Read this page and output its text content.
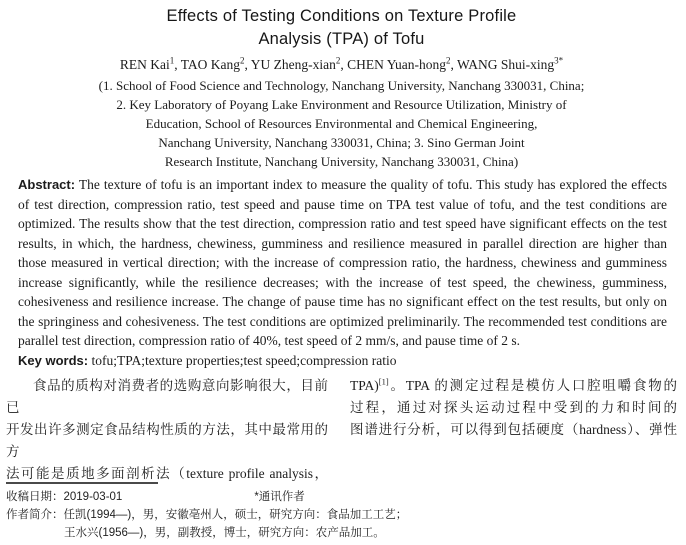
Effects of Testing Conditions on Texture Profile
Analysis (TPA) of Tofu
REN Kai$^1$, TAO Kang$^2$, YU Zheng-xian$^2$, CHEN Yuan-hong$^2$, WANG Shui-xing$^{3*}$
(1. School of Food Science and Technology, Nanchang University, Nanchang 330031, China;
2. Key Laboratory of Poyang Lake Environment and Resource Utilization, Ministry of
Education, School of Resources Environmental and Chemical Engineering,
Nanchang University, Nanchang 330031, China; 3. Sino German Joint
Research Institute, Nanchang University, Nanchang 330031, China)

Abstract: The texture of tofu is an important index to measure the quality of tofu. This study has explored the effects of test direction, compression ratio, test speed and pause time on TPA test value of tofu, and the test conditions are optimized. The results show that the test direction, compression ratio and test speed have significant effects on the test results, in which, the hardness, chewiness, gumminess and resilience measured in parallel direction are higher than those measured in vertical direction; with the increase of compression ratio, the hardness, chewiness and gumminess increase significantly, while the resilience decreases; with the increase of test speed, the chewiness, gumminess, cohesiveness and resilience increase. The change of pause time has no significant effect on the test results, but only on the springiness and cohesiveness. The test conditions are optimized preliminarily. The recommended test conditions are parallel test direction, compression ratio of 40%, test speed of 2 mm/s, and pause time of 2 s.

Key words: tofu;TPA;texture properties;test speed;compression ratio

食品的质构对消费者的选购意向影响很大，目前已
开发出许多测定食品结构性质的方法，其中最常用的方
法可能是质地多面剖析法（texture profile analysis，
TPA)[1]。TPA 的测定过程是模仿人口腔咀嚼食物的
过程，通过对探头运动过程中受到的力和时间的
图谱进行分析，可以得到包括硬度（hardness）、弹性
收稿日期：2019-03-01	*通讯作者
作者简介：任凯(1994—)，男，安徽亳州人，硕士，研究方向：食品加工工艺；
王水兴(1956—)，男，副教授，博士，研究方向：农产品加工。
